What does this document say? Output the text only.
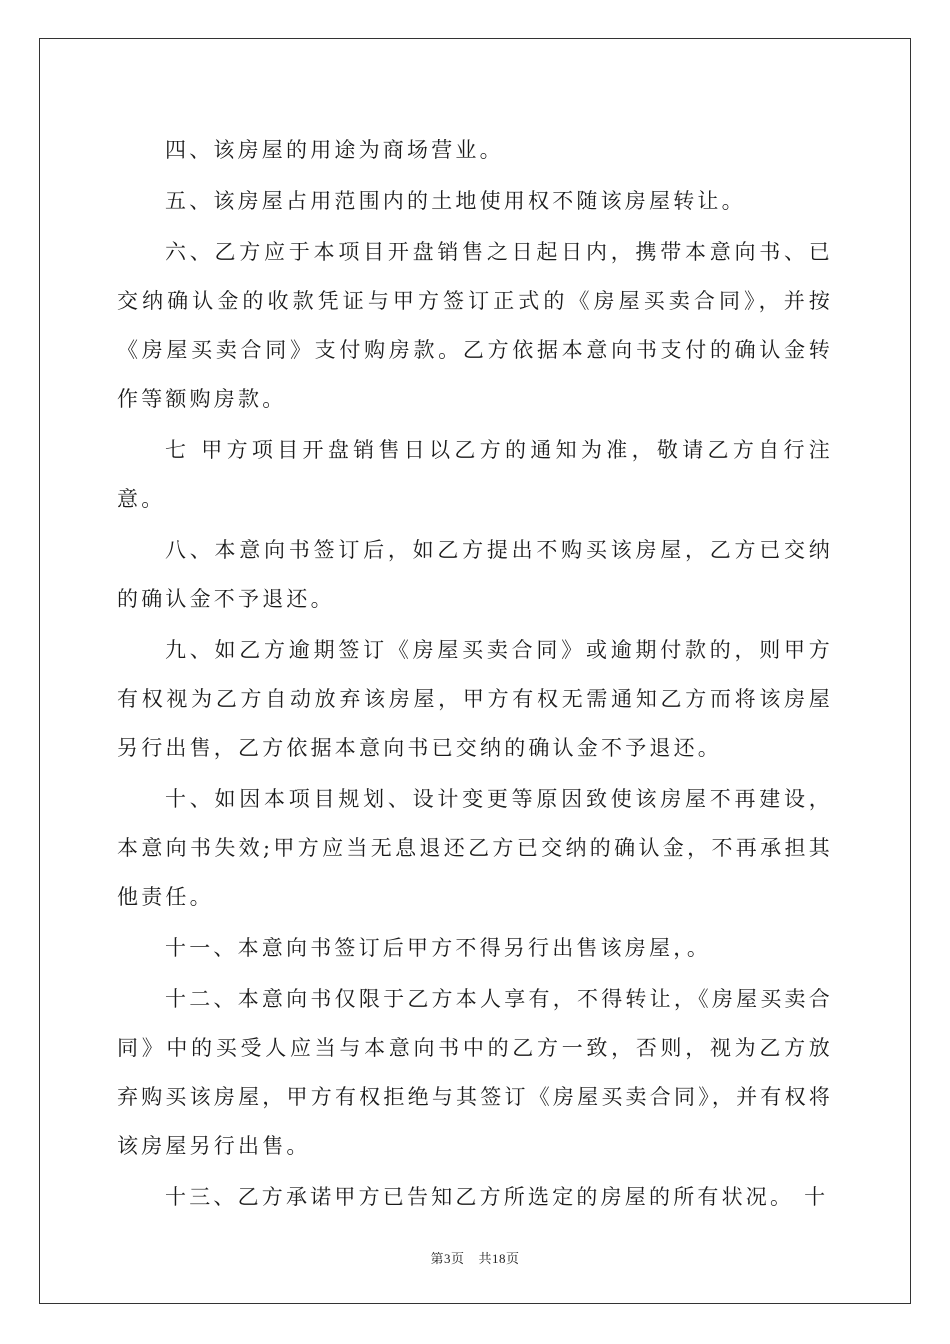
四、该房屋的用途为商场营业。

五、该房屋占用范围内的土地使用权不随该房屋转让。

六、乙方应于本项目开盘销售之日起日内，携带本意向书、已交纳确认金的收款凭证与甲方签订正式的《房屋买卖合同》，并按《房屋买卖合同》支付购房款。乙方依据本意向书支付的确认金转作等额购房款。

七 甲方项目开盘销售日以乙方的通知为准，敬请乙方自行注意。

八、本意向书签订后，如乙方提出不购买该房屋，乙方已交纳的确认金不予退还。

九、如乙方逾期签订《房屋买卖合同》或逾期付款的，则甲方有权视为乙方自动放弃该房屋，甲方有权无需通知乙方而将该房屋另行出售，乙方依据本意向书已交纳的确认金不予退还。

十、如因本项目规划、设计变更等原因致使该房屋不再建设，本意向书失效;甲方应当无息退还乙方已交纳的确认金，不再承担其他责任。

十一、本意向书签订后甲方不得另行出售该房屋，。

十二、本意向书仅限于乙方本人享有，不得转让，《房屋买卖合同》中的买受人应当与本意向书中的乙方一致，否则，视为乙方放弃购买该房屋，甲方有权拒绝与其签订《房屋买卖合同》，并有权将该房屋另行出售。

十三、乙方承诺甲方已告知乙方所选定的房屋的所有状况。 十

第3页 共18页
